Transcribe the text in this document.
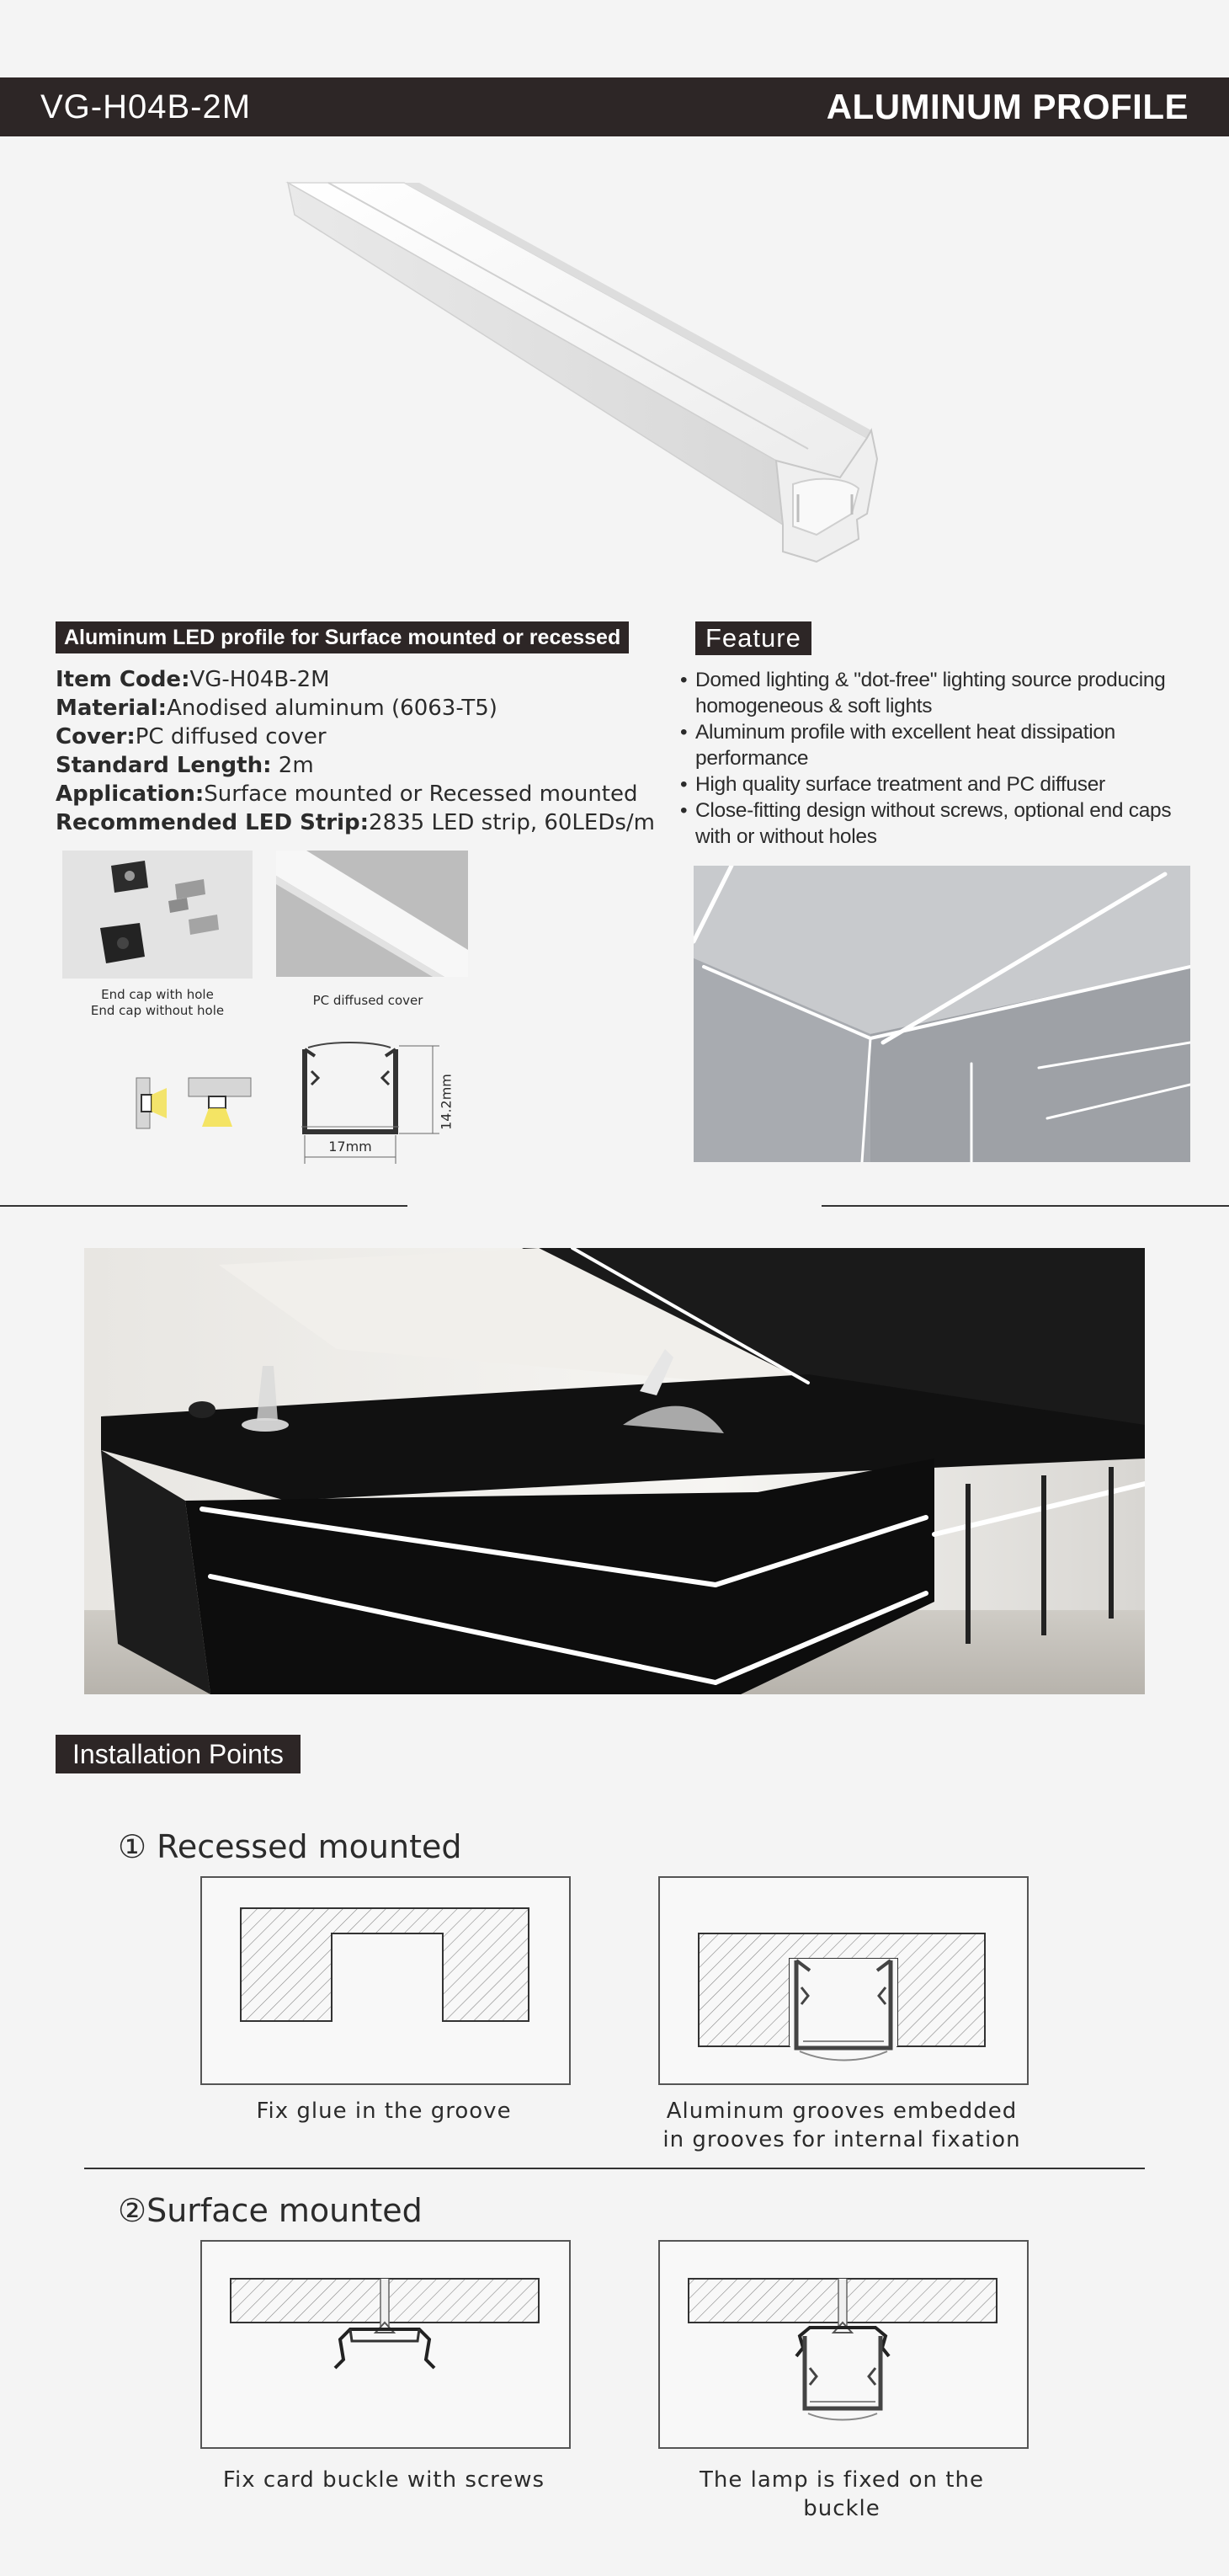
VG-H04B-2M	ALUMINUM PROFILE
Aluminum LED profile for Surface mounted or recessed
Item Code:VG-H04B-2M
Material:Anodised aluminum (6063-T5)
Cover:PC diffused cover
Standard Length: 2m
Application:Surface mounted or Recessed mounted
Recommended LED Strip:2835 LED strip, 60LEDs/m
End cap with hole
End cap without hole
PC diffused cover
14.2mm
17mm
Feature
• Domed lighting & "dot-free" lighting source producing homogeneous & soft lights
• Aluminum profile with excellent heat dissipation performance
• High quality surface treatment and PC diffuser
• Close-fitting design without screws, optional end caps with or without holes
Installation Points
① Recessed mounted
Fix glue in the groove	Aluminum grooves embedded
in grooves for internal fixation
②Surface mounted
Fix card buckle with screws	The lamp is fixed on the buckle
